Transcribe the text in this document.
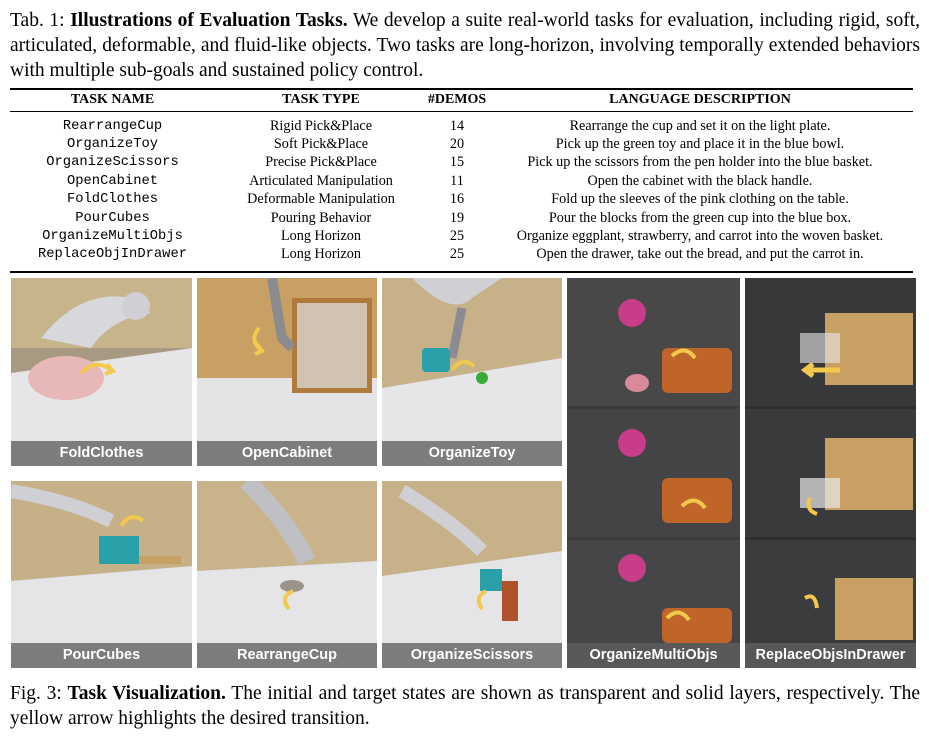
Tab. 1: Illustrations of Evaluation Tasks. We develop a suite real-world tasks for evaluation, including rigid, soft, articulated, deformable, and fluid-like objects. Two tasks are long-horizon, involving temporally extended behaviors with multiple sub-goals and sustained policy control.
TASK NAME	TASK TYPE	#DEMOS	LANGUAGE DESCRIPTION
RearrangeCup	Rigid Pick&Place	14	Rearrange the cup and set it on the light plate.
OrganizeToy	Soft Pick&Place	20	Pick up the green toy and place it in the blue bowl.
OrganizeScissors	Precise Pick&Place	15	Pick up the scissors from the pen holder into the blue basket.
OpenCabinet	Articulated Manipulation	11	Open the cabinet with the black handle.
FoldClothes	Deformable Manipulation	16	Fold up the sleeves of the pink clothing on the table.
PourCubes	Pouring Behavior	19	Pour the blocks from the green cup into the blue box.
OrganizeMultiObjs	Long Horizon	25	Organize eggplant, strawberry, and carrot into the woven basket.
ReplaceObjInDrawer	Long Horizon	25	Open the drawer, take out the bread, and put the carrot in.
FoldClothes	OpenCabinet	OrganizeToy
PourCubes	RearrangeCup	OrganizeScissors	OrganizeMultiObjs	ReplaceObjsInDrawer
Fig. 3: Task Visualization. The initial and target states are shown as transparent and solid layers, respectively. The yellow arrow highlights the desired transition.
